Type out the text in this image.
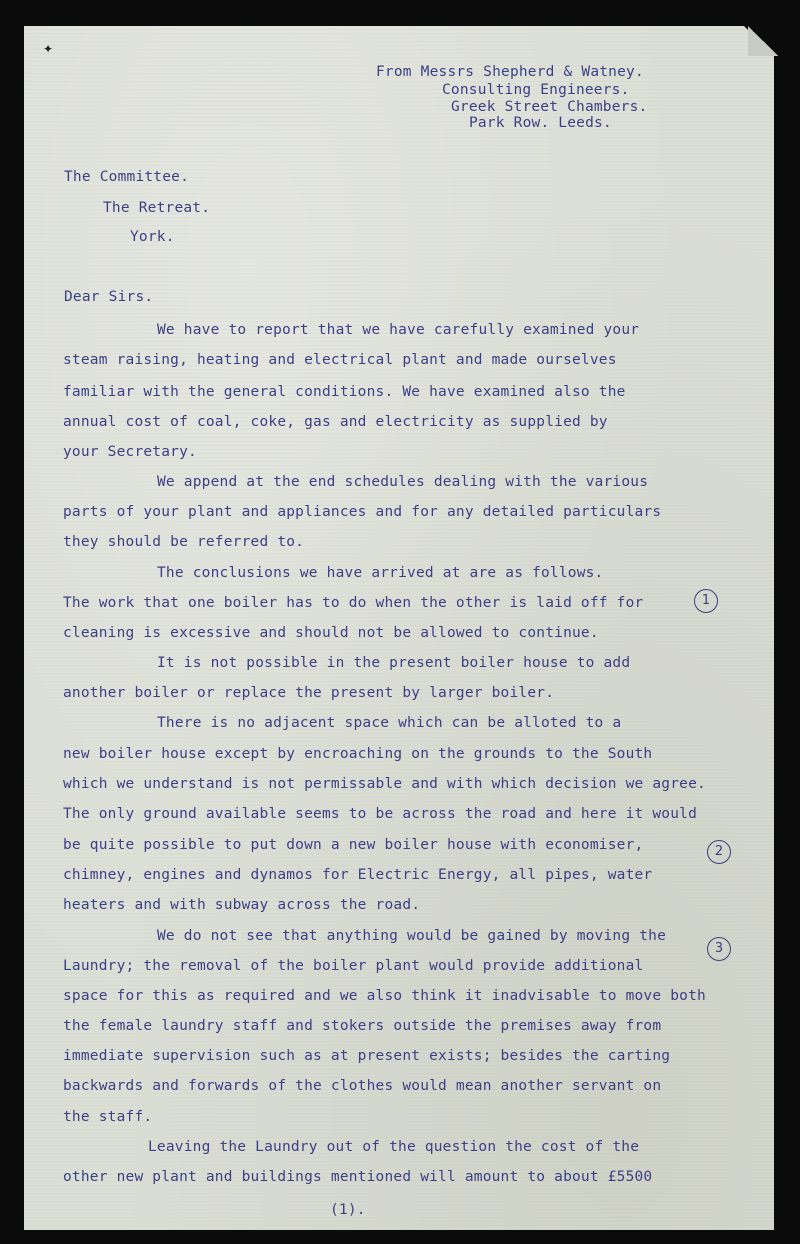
✦
From Messrs Shepherd & Watney.
Consulting Engineers.
Greek Street Chambers.
Park Row. Leeds.
The Committee.
The Retreat.
York.
Dear Sirs.
We have to report that we have carefully examined your
steam raising, heating and electrical plant and made ourselves
familiar with the general conditions. We have examined also the
annual cost of coal, coke, gas and electricity as supplied by
your Secretary.
We append at the end schedules dealing with the various
parts of your plant and appliances and for any detailed particulars
they should be referred to.
The conclusions we have arrived at are as follows.
The work that one boiler has to do when the other is laid off for
cleaning is excessive and should not be allowed to continue.
It is not possible in the present boiler house to add
another boiler or replace the present by larger boiler.
There is no adjacent space which can be alloted to a
new boiler house except by encroaching on the grounds to the South
which we understand is not permissable and with which decision we agree.
The only ground available seems to be across the road and here it would
be quite possible to put down a new boiler house with economiser,
chimney, engines and dynamos for Electric Energy, all pipes, water
heaters and with subway across the road.
We do not see that anything would be gained by moving the
Laundry; the removal of the boiler plant would provide additional
space for this as required and we also think it inadvisable to move both
the female laundry staff and stokers outside the premises away from
immediate supervision such as at present exists; besides the carting
backwards and forwards of the clothes would mean another servant on
the staff.
Leaving the Laundry out of the question the cost of the
other new plant and buildings mentioned will amount to about £5500
1
2
3
(1).
